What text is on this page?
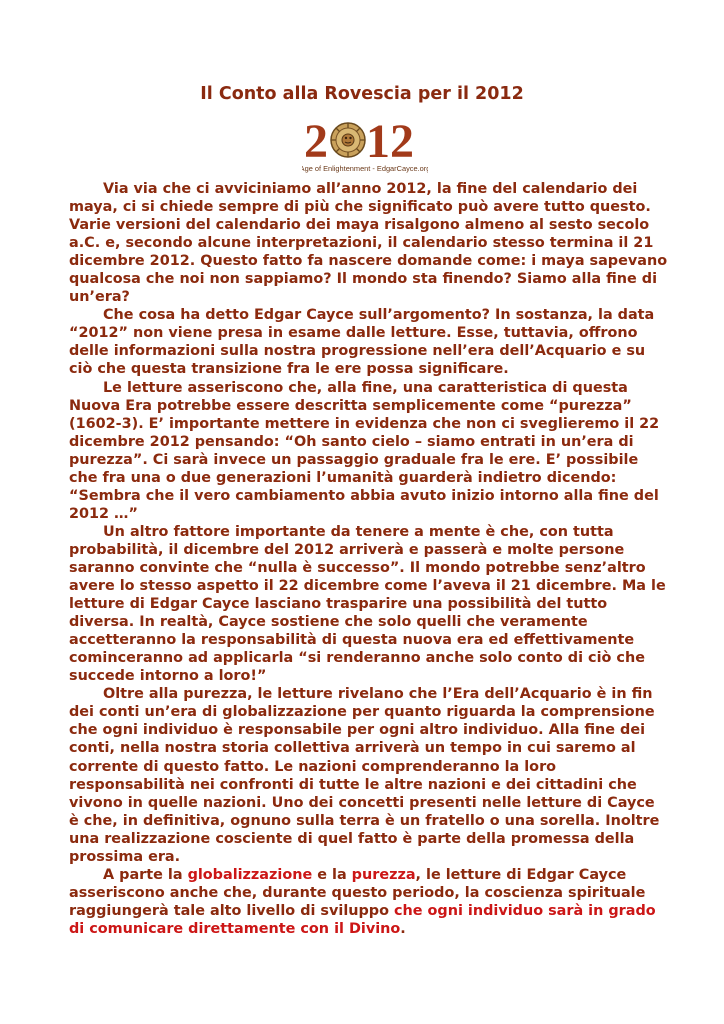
Il Conto alla Rovescia per il 2012
2 12
Age of Enlightenment - EdgarCayce.org

Via via che ci avviciniamo all’anno 2012, la fine del calendario dei maya, ci si chiede sempre di più che significato può avere tutto questo. Varie versioni del calendario dei maya risalgono almeno al sesto secolo a.C. e, secondo alcune interpretazioni, il calendario stesso termina il 21 dicembre 2012. Questo fatto fa nascere domande come: i maya sapevano qualcosa che noi non sappiamo? Il mondo sta finendo? Siamo alla fine di un’era?

Che cosa ha detto Edgar Cayce sull’argomento? In sostanza, la data “2012” non viene presa in esame dalle letture. Esse, tuttavia, offrono delle informazioni sulla nostra progressione nell’era dell’Acquario e su ciò che questa transizione fra le ere possa significare.

Le letture asseriscono che, alla fine, una caratteristica di questa Nuova Era potrebbe essere descritta semplicemente come “purezza” (1602-3). E’ importante mettere in evidenza che non ci sveglieremo il 22 dicembre 2012 pensando: “Oh santo cielo – siamo entrati in un’era di purezza”. Ci sarà invece un passaggio graduale fra le ere. E’ possibile che fra una o due generazioni l’umanità guarderà indietro dicendo: “Sembra che il vero cambiamento abbia avuto inizio intorno alla fine del 2012 …”

Un altro fattore importante da tenere a mente è che, con tutta probabilità, il dicembre del 2012 arriverà e passerà e molte persone saranno convinte che “nulla è successo”. Il mondo potrebbe senz’altro avere lo stesso aspetto il 22 dicembre come l’aveva il 21 dicembre. Ma le letture di Edgar Cayce lasciano trasparire una possibilità del tutto diversa. In realtà, Cayce sostiene che solo quelli che veramente accetteranno la responsabilità di questa nuova era ed effettivamente cominceranno ad applicarla “si renderanno anche solo conto di ciò che succede intorno a loro!”

Oltre alla purezza, le letture rivelano che l’Era dell’Acquario è in fin dei conti un’era di globalizzazione per quanto riguarda la comprensione che ogni individuo è responsabile per ogni altro individuo. Alla fine dei conti, nella nostra storia collettiva arriverà un tempo in cui saremo al corrente di questo fatto. Le nazioni comprenderanno la loro responsabilità nei confronti di tutte le altre nazioni e dei cittadini che vivono in quelle nazioni. Uno dei concetti presenti nelle letture di Cayce è che, in definitiva, ognuno sulla terra è un fratello o una sorella. Inoltre una realizzazione cosciente di quel fatto è parte della promessa della prossima era.

A parte la globalizzazione e la purezza, le letture di Edgar Cayce asseriscono anche che, durante questo periodo, la coscienza spirituale raggiungerà tale alto livello di sviluppo che ogni individuo sarà in grado di comunicare direttamente con il Divino.
